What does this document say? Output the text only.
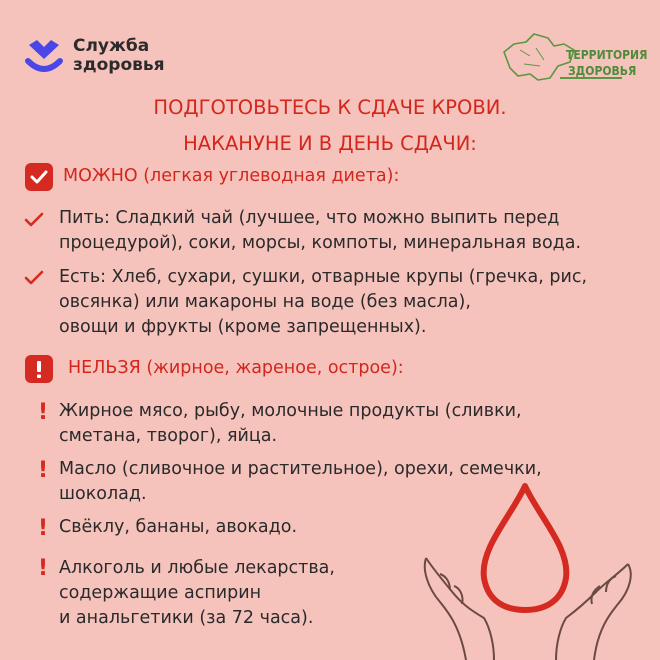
Служба
здоровья	ТЕРРИТОРИЯ
ЗДОРОВЬЯ
ПОДГОТОВЬТЕСЬ К СДАЧЕ КРОВИ.
НАКАНУНЕ И В ДЕНЬ СДАЧИ:
МОЖНО (легкая углеводная диета):
Пить: Сладкий чай (лучшее, что можно выпить перед
процедурой), соки, морсы, компоты, минеральная вода.
Есть: Хлеб, сухари, сушки, отварные крупы (гречка, рис,
овсянка) или макароны на воде (без масла),
овощи и фрукты (кроме запрещенных).
НЕЛЬЗЯ (жирное, жареное, острое):
! Жирное мясо, рыбу, молочные продукты (сливки,
сметана, творог), яйца.
! Масло (сливочное и растительное), орехи, семечки,
шоколад.
! Свёклу, бананы, авокадо.
! Алкоголь и любые лекарства,
содержащие аспирин
и анальгетики (за 72 часа).
